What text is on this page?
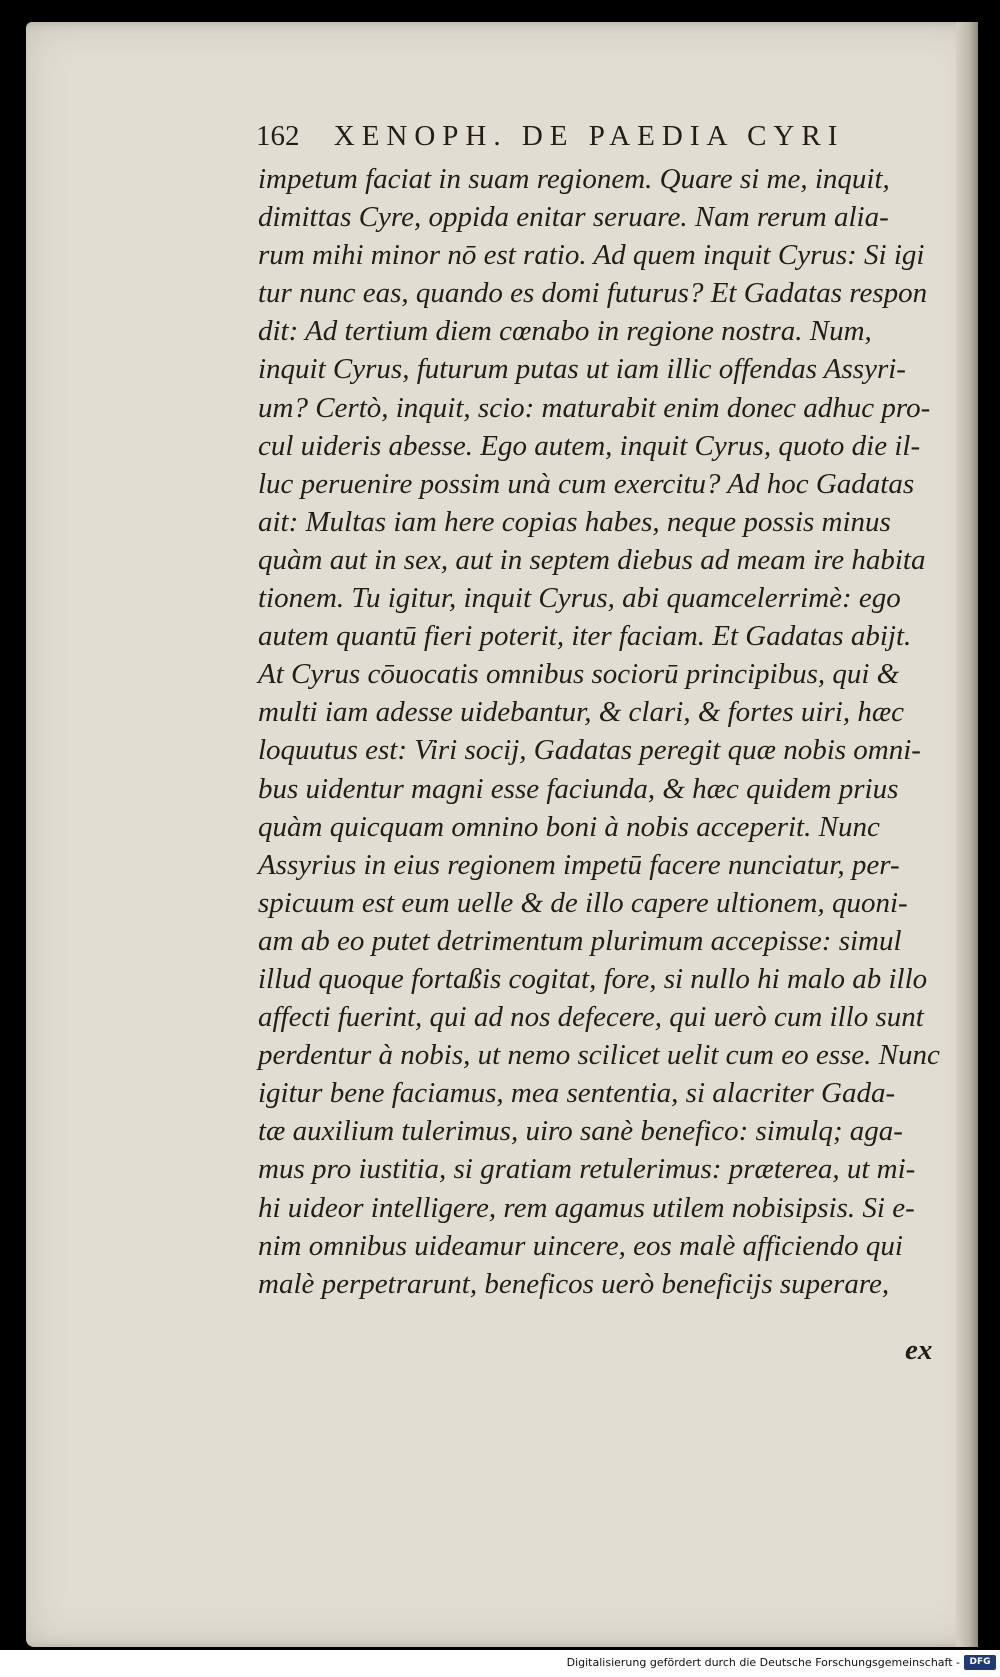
162 XENOPH. DE PAEDIA CYRI
impetum faciat in suam regionem. Quare si me, inquit,
dimittas Cyre, oppida enitar seruare. Nam rerum alia-
rum mihi minor nō est ratio. Ad quem inquit Cyrus: Si igi
tur nunc eas, quando es domi futurus? Et Gadatas respon
dit: Ad tertium diem cœnabo in regione nostra. Num,
inquit Cyrus, futurum putas ut iam illic offendas Assyri-
um? Certò, inquit, scio: maturabit enim donec adhuc pro-
cul uideris abesse. Ego autem, inquit Cyrus, quoto die il-
luc peruenire possim unà cum exercitu? Ad hoc Gadatas
ait: Multas iam here copias habes, neque possis minus
quàm aut in sex, aut in septem diebus ad meam ire habita
tionem. Tu igitur, inquit Cyrus, abi quamcelerrimè: ego
autem quantū fieri poterit, iter faciam. Et Gadatas abijt.
At Cyrus cōuocatis omnibus sociorū principibus, qui &
multi iam adesse uidebantur, & clari, & fortes uiri, hæc
loquutus est: Viri socij, Gadatas peregit quæ nobis omni-
bus uidentur magni esse faciunda, & hæc quidem prius
quàm quicquam omnino boni à nobis acceperit. Nunc
Assyrius in eius regionem impetū facere nunciatur, per-
spicuum est eum uelle & de illo capere ultionem, quoni-
am ab eo putet detrimentum plurimum accepisse: simul
illud quoque fortaßis cogitat, fore, si nullo hi malo ab illo
affecti fuerint, qui ad nos defecere, qui uerò cum illo sunt
perdentur à nobis, ut nemo scilicet uelit cum eo esse. Nunc
igitur bene faciamus, mea sententia, si alacriter Gada-
tæ auxilium tulerimus, uiro sanè benefico: simulq; aga-
mus pro iustitia, si gratiam retulerimus: præterea, ut mi-
hi uideor intelligere, rem agamus utilem nobisipsis. Si e-
nim omnibus uideamur uincere, eos malè afficiendo qui
malè perpetrarunt, beneficos uerò beneficijs superare,
ex
Digitalisierung gefördert durch die Deutsche Forschungsgemeinschaft -	DFG
